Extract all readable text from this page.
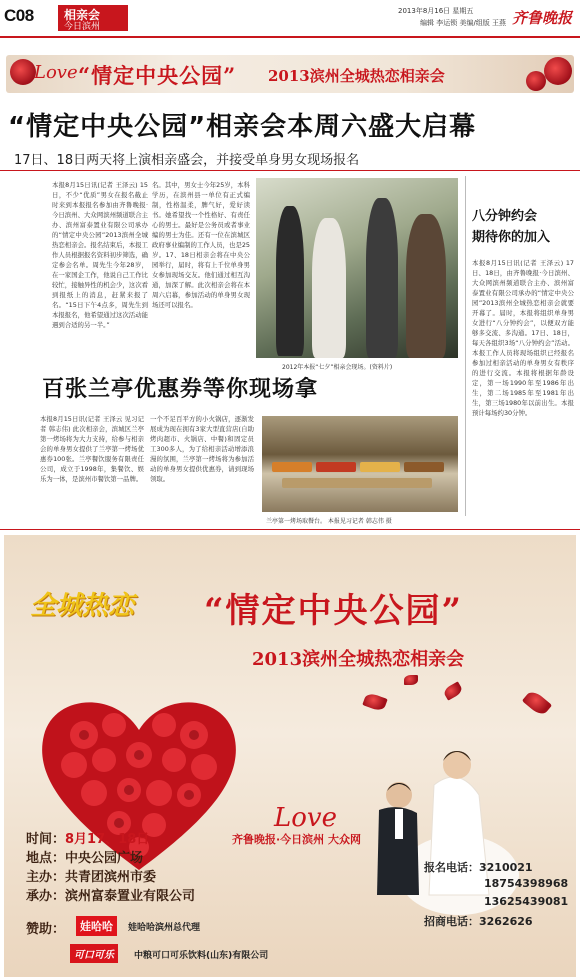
C08	相亲会
今日滨州
2013年8月16日 星期五
编辑 李运锁 美编/组版 王燕 齐鲁晚报
Love “情定中央公园” 2013滨州全城热恋相亲会
“情定中央公园”相亲会本周六盛大启幕
17日、18日两天将上演相亲盛会，并接受单身男女现场报名
本报8月15日讯(记者 王泽云) 15日，不少“优质”男女在报名截止时来到本报报名参加由齐鲁晚报·今日滨州、大众网滨州频道联合主办、滨州富泰置业有限公司承办的“情定中央公园”2013滨州全城热恋相亲会。报名结束后，本报工作人员根据报名资料初步筛选，确定参会名单。周先生今年28岁，在一家国企工作，他说自己工作比较忙，接触异性的机会少，这次看到报纸上的消息，赶紧来报了名。“15日下午4点多，周先生到本报报名，他希望通过这次活动能遇到合适的另一半。”
名。其中，男女士今年25岁，本科学历，在滨州县一单位有正式编制，性格温柔，脾气好，爱好读书。她希望找一个性格好、有责任心的男士。最好是公务员或者事业编的男士为佳。还有一位在滨城区政府事业编制的工作人员，也是25岁。17、18日相亲会将在中央公园举行，届时，将有上千位单身男女参加现场交友。他们通过相互沟通，加深了解。此次相亲会将在本周六启幕，参加活动的单身男女现场还可以报名。
2012年本报“七夕”相亲会现场。(资料片)
八分钟约会
期待你的加入
本报8月15日讯(记者 王泽云) 17日、18日，由齐鲁晚报·今日滨州、大众网滨州频道联合主办、滨州富泰置业有限公司承办的“情定中央公园”2013滨州全城热恋相亲会就要开幕了。届时，本报将组织单身男女进行“八分钟约会”，以便双方能够多交流、多沟通。17日、18日，每天各组织3场“八分钟约会”活动。本报工作人员将现场组织已经报名参加过相亲活动的单身男女有秩序的进行交流。本报将根据年龄设定，第一场1990年至1986年出生，第二场1985年至1981年出生，第三场1980年以前出生。本报预计每场约30分钟。
百张兰亭优惠券等你现场拿
本报8月15日讯(记者 王泽云 见习记者 韩志伟) 此次相亲会，滨城区兰亭第一烤场将为大力支持，给参与相亲会的单身男女提供了兰亭第一烤场优惠券100张。兰亭餐饮服务有限责任公司，成立于1998年，集餐饮、娱乐为一体，是滨州市餐饮第一品牌。
一个不足百平方的小火锅店，逐渐发展成为现在拥有3家大型直营店(自助烤肉超市、火锅店、中餐)和固定员工300多人，为了给相亲活动增添浪漫的氛围，兰亭第一烤场将为参加活动的单身男女提供优惠券，请到现场领取。
兰亭第一烤场取餐台。 本报见习记者 韩志伟 摄
全城热恋 “情定中央公园”
2013滨州全城热恋相亲会
时间：8月17、18日
地点：中央公园广场
主办：共青团滨州市委
承办：滨州富泰置业有限公司
齐鲁晚报·今日滨州 大众网
Love
赞助：	娃哈哈	娃哈哈滨州总代理
可口可乐	中粮可口可乐饮料(山东)有限公司
报名电话：3210021
18754398968
13625439081
招商电话：3262626
